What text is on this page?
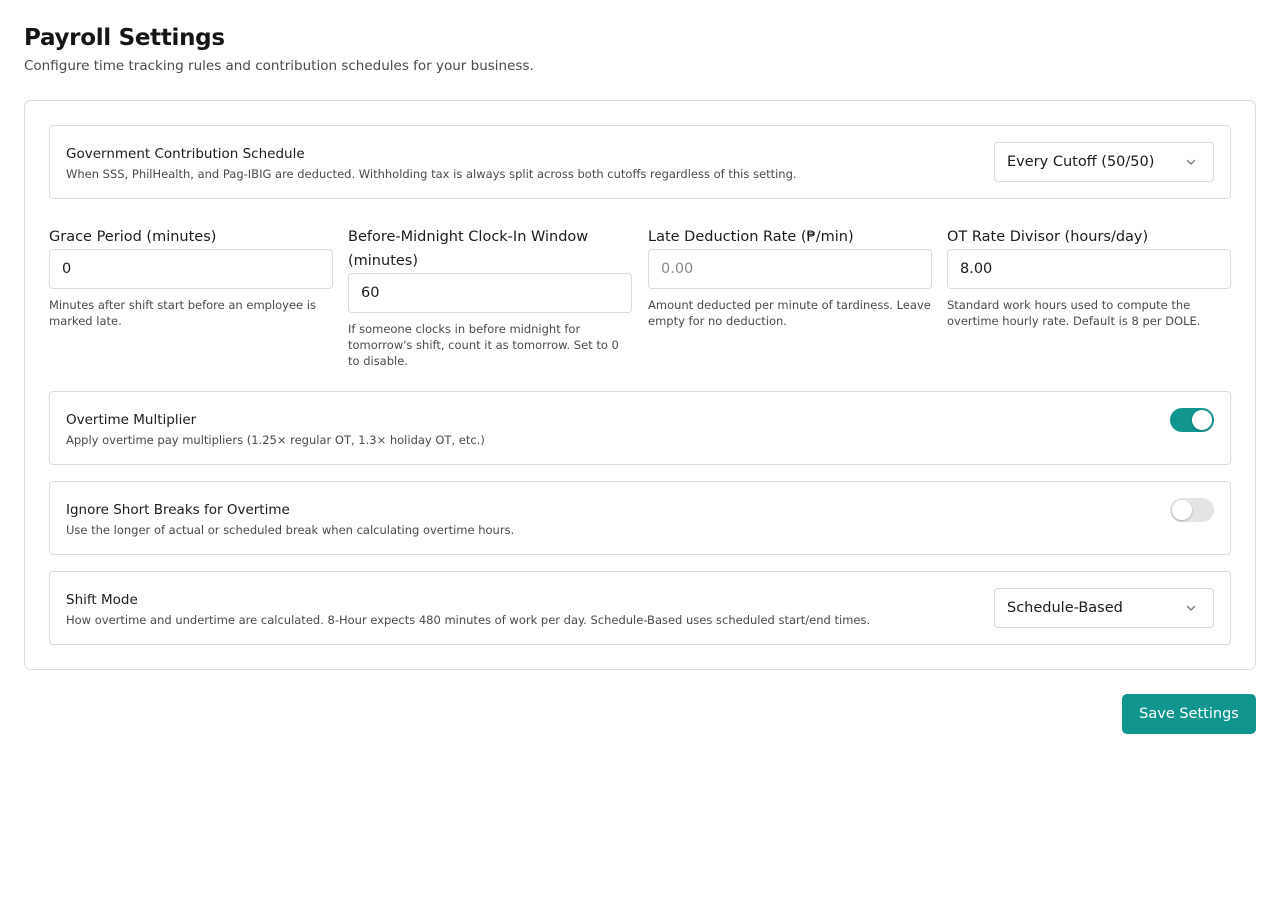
Payroll Settings

Configure time tracking rules and contribution schedules for your business.

Government Contribution Schedule
When SSS, PhilHealth, and Pag-IBIG are deducted. Withholding tax is always split across both cutoffs regardless of this setting.
Every Cutoff (50/50)
Grace Period (minutes)
0
Minutes after shift start before an employee is marked late.
Before-Midnight Clock-In Window (minutes)
60
If someone clocks in before midnight for tomorrow's shift, count it as tomorrow. Set to 0 to disable.
Late Deduction Rate (₱/min)
0.00
Amount deducted per minute of tardiness. Leave empty for no deduction.
OT Rate Divisor (hours/day)
8.00
Standard work hours used to compute the overtime hourly rate. Default is 8 per DOLE.
Overtime Multiplier
Apply overtime pay multipliers (1.25× regular OT, 1.3× holiday OT, etc.)
Ignore Short Breaks for Overtime
Use the longer of actual or scheduled break when calculating overtime hours.
Shift Mode
How overtime and undertime are calculated. 8-Hour expects 480 minutes of work per day. Schedule-Based uses scheduled start/end times.
Schedule-Based
Save Settings
